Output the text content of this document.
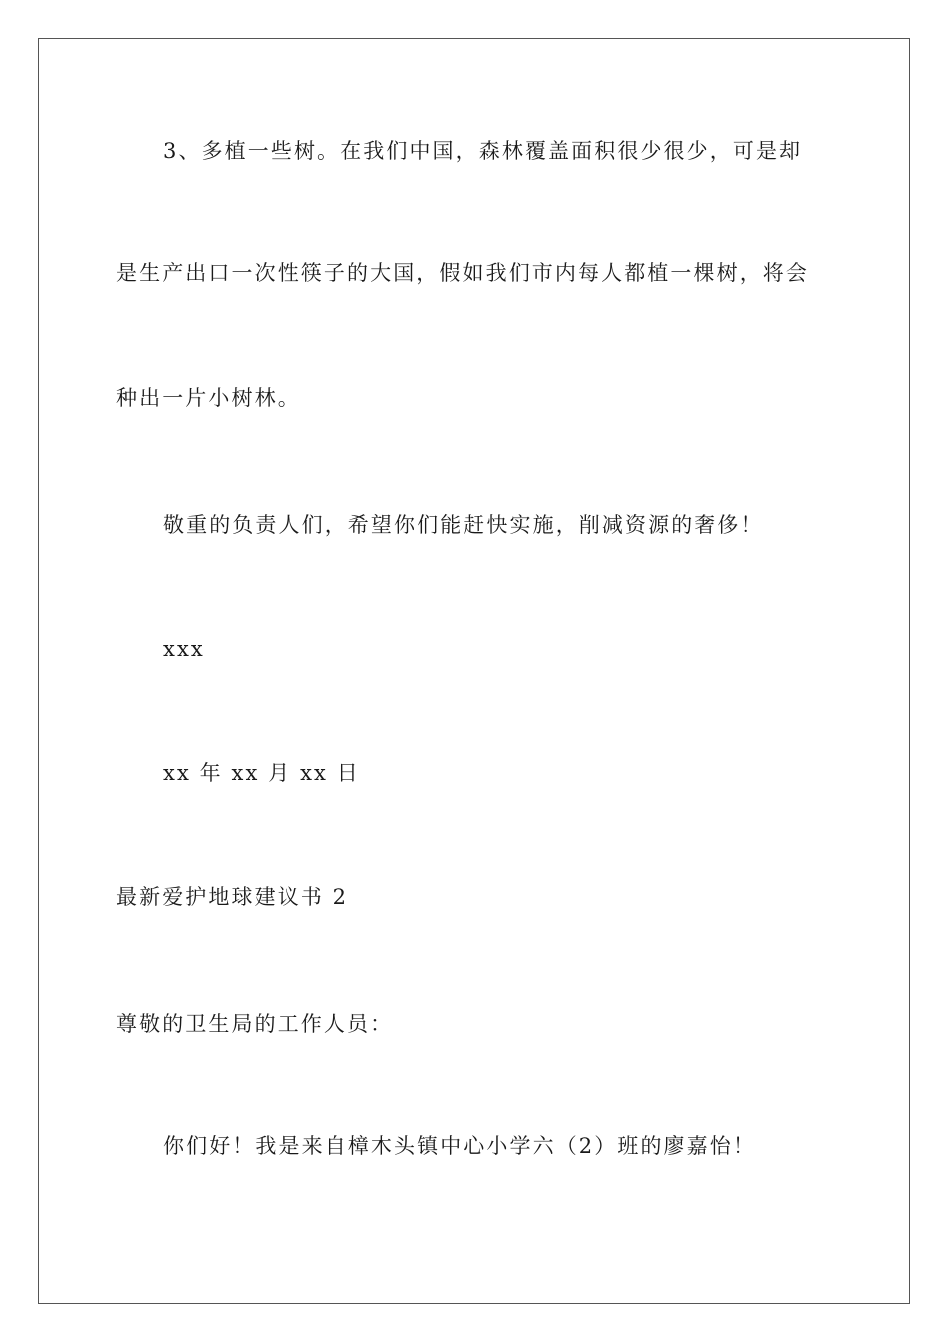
3、多植一些树。在我们中国，森林覆盖面积很少很少，可是却

是生产出口一次性筷子的大国，假如我们市内每人都植一棵树，将会

种出一片小树林。

敬重的负责人们，希望你们能赶快实施，削减资源的奢侈！

xxx

xx 年 xx 月 xx 日

最新爱护地球建议书 2

尊敬的卫生局的工作人员：

你们好！我是来自樟木头镇中心小学六（2）班的廖嘉怡！
